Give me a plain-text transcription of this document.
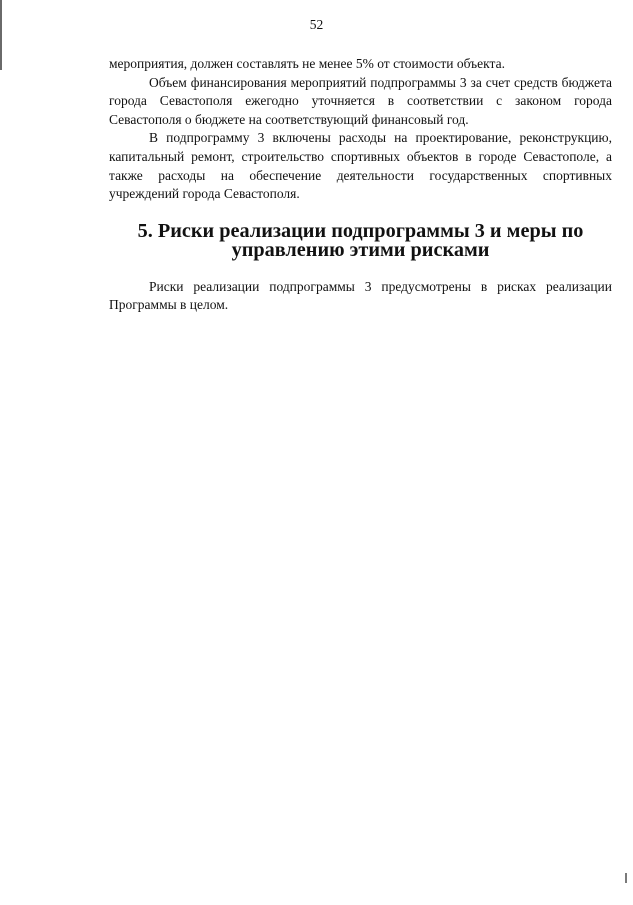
52

мероприятия, должен составлять не менее 5% от стоимости объекта.

Объем финансирования мероприятий подпрограммы 3 за счет средств бюджета города Севастополя ежегодно уточняется в соответствии с законом города Севастополя о бюджете на соответствующий финансовый год.

В подпрограмму 3 включены расходы на проектирование, реконструкцию, капитальный ремонт, строительство спортивных объектов в городе Севастополе, а также расходы на обеспечение деятельности государственных спортивных учреждений города Севастополя.

5. Риски реализации подпрограммы 3 и меры по управлению этими рисками

Риски реализации подпрограммы 3 предусмотрены в рисках реализации Программы в целом.
